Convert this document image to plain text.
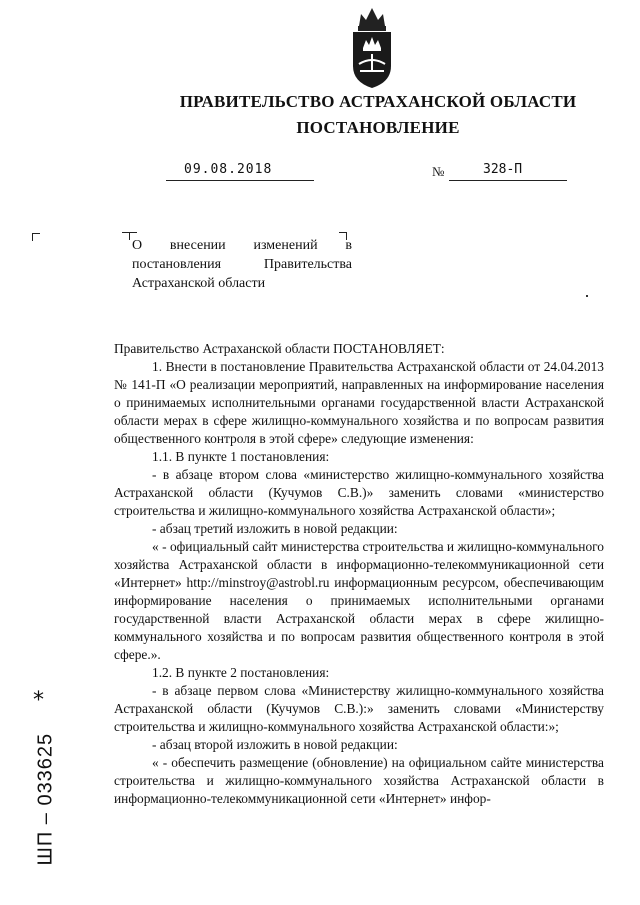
ПРАВИТЕЛЬСТВО АСТРАХАНСКОЙ ОБЛАСТИ
ПОСТАНОВЛЕНИЕ
09.08.2018	№	328-П
О внесении изменений в постановления Правительства Астраханской области

Правительство Астраханской области ПОСТАНОВЛЯЕТ:

1. Внести в постановление Правительства Астраханской области от 24.04.2013 № 141-П «О реализации мероприятий, направленных на информирование населения о принимаемых исполнительными органами государственной власти Астраханской области мерах в сфере жилищно-коммунального хозяйства и по вопросам развития общественного контроля в этой сфере» следующие изменения:

1.1. В пункте 1 постановления:

- в абзаце втором слова «министерство жилищно-коммунального хозяйства Астраханской области (Кучумов С.В.)» заменить словами «министерство строительства и жилищно-коммунального хозяйства Астраханской области»;

- абзац третий изложить в новой редакции:

« - официальный сайт министерства строительства и жилищно-коммунального хозяйства Астраханской области в информационно-телекоммуникационной сети «Интернет» http://minstroy@astrobl.ru информационным ресурсом, обеспечивающим информирование населения о принимаемых исполнительными органами государственной власти Астраханской области мерах в сфере жилищно-коммунального хозяйства и по вопросам развития общественного контроля в этой сфере.».

1.2. В пункте 2 постановления:

- в абзаце первом слова «Министерству жилищно-коммунального хозяйства Астраханской области (Кучумов С.В.):» заменить словами «Министерству строительства и жилищно-коммунального хозяйства Астраханской области:»;

- абзац второй изложить в новой редакции:

« - обеспечить размещение (обновление) на официальном сайте министерства строительства и жилищно-коммунального хозяйства Астраханской области в информационно-телекоммуникационной сети «Интернет» инфор-

*
ШП – 033625
